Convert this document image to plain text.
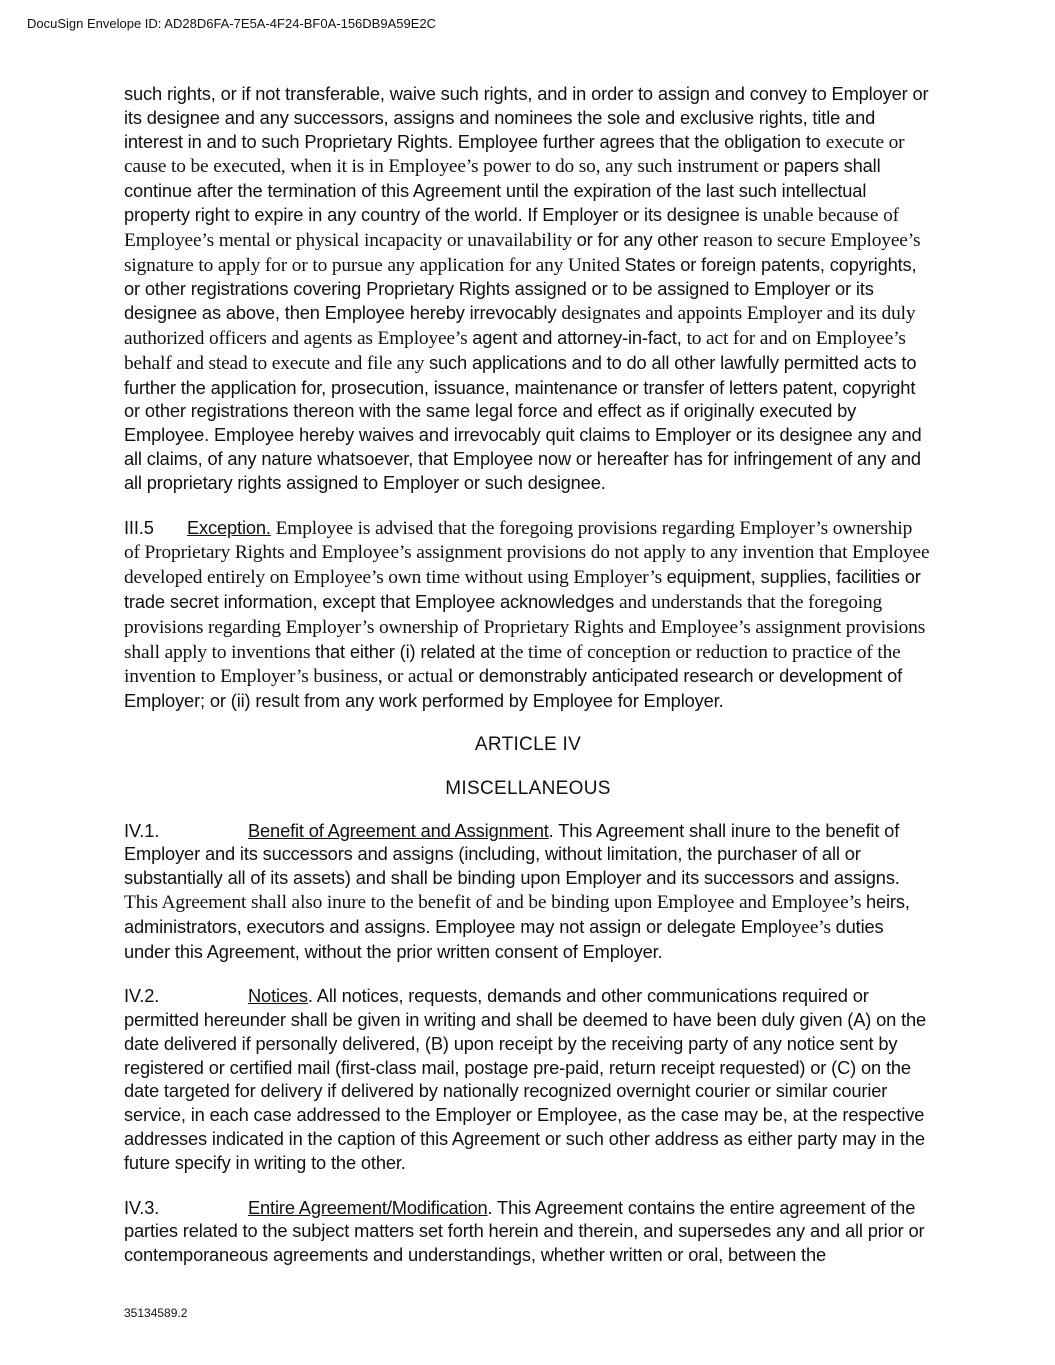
DocuSign Envelope ID: AD28D6FA-7E5A-4F24-BF0A-156DB9A59E2C

such rights, or if not transferable, waive such rights, and in order to assign and convey to Employer or its designee and any successors, assigns and nominees the sole and exclusive rights, title and interest in and to such Proprietary Rights. Employee further agrees that the obligation to execute or cause to be executed, when it is in Employee’s power to do so, any such instrument or papers shall continue after the termination of this Agreement until the expiration of the last such intellectual property right to expire in any country of the world. If Employer or its designee is unable because of Employee’s mental or physical incapacity or unavailability or for any other reason to secure Employee’s signature to apply for or to pursue any application for any United States or foreign patents, copyrights, or other registrations covering Proprietary Rights assigned or to be assigned to Employer or its designee as above, then Employee hereby irrevocably designates and appoints Employer and its duly authorized officers and agents as Employee’s agent and attorney-in-fact, to act for and on Employee’s behalf and stead to execute and file any such applications and to do all other lawfully permitted acts to further the application for, prosecution, issuance, maintenance or transfer of letters patent, copyright or other registrations thereon with the same legal force and effect as if originally executed by Employee. Employee hereby waives and irrevocably quit claims to Employer or its designee any and all claims, of any nature whatsoever, that Employee now or hereafter has for infringement of any and all proprietary rights assigned to Employer or such designee.

III.5 Exception. Employee is advised that the foregoing provisions regarding Employer’s ownership of Proprietary Rights and Employee’s assignment provisions do not apply to any invention that Employee developed entirely on Employee’s own time without using Employer’s equipment, supplies, facilities or trade secret information, except that Employee acknowledges and understands that the foregoing provisions regarding Employer’s ownership of Proprietary Rights and Employee’s assignment provisions shall apply to inventions that either (i) related at the time of conception or reduction to practice of the invention to Employer’s business, or actual or demonstrably anticipated research or development of Employer; or (ii) result from any work performed by Employee for Employer.

ARTICLE IV

MISCELLANEOUS

IV.1.	Benefit of Agreement and Assignment. This Agreement shall inure to the benefit of Employer and its successors and assigns (including, without limitation, the purchaser of all or substantially all of its assets) and shall be binding upon Employer and its successors and assigns. This Agreement shall also inure to the benefit of and be binding upon Employee and Employee’s heirs, administrators, executors and assigns. Employee may not assign or delegate Employee’s duties under this Agreement, without the prior written consent of Employer.

IV.2.	Notices. All notices, requests, demands and other communications required or permitted hereunder shall be given in writing and shall be deemed to have been duly given (A) on the date delivered if personally delivered, (B) upon receipt by the receiving party of any notice sent by registered or certified mail (first-class mail, postage pre-paid, return receipt requested) or (C) on the date targeted for delivery if delivered by nationally recognized overnight courier or similar courier service, in each case addressed to the Employer or Employee, as the case may be, at the respective addresses indicated in the caption of this Agreement or such other address as either party may in the future specify in writing to the other.

IV.3.	Entire Agreement/Modification. This Agreement contains the entire agreement of the parties related to the subject matters set forth herein and therein, and supersedes any and all prior or contemporaneous agreements and understandings, whether written or oral, between the

35134589.2
